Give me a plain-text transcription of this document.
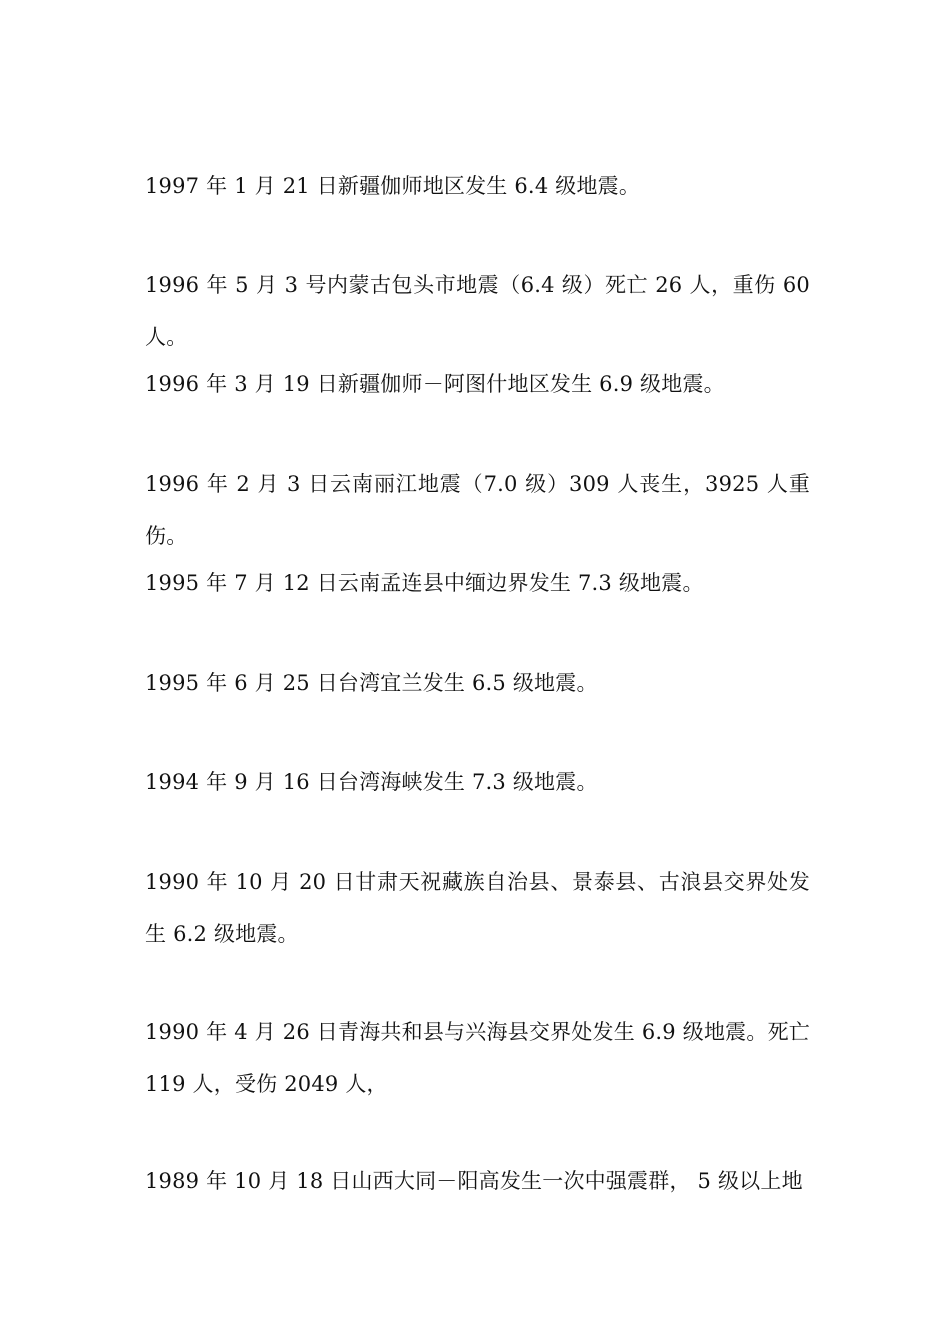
1997 年 1 月 21 日新疆伽师地区发生 6.4 级地震。

1996 年 5 月 3 号内蒙古包头市地震（6.4 级）死亡 26 人，重伤 60 人。

1996 年 3 月 19 日新疆伽师－阿图什地区发生 6.9 级地震。

1996 年 2 月 3 日云南丽江地震（7.0 级）309 人丧生，3925 人重伤。

1995 年 7 月 12 日云南孟连县中缅边界发生 7.3 级地震。

1995 年 6 月 25 日台湾宜兰发生 6.5 级地震。

1994 年 9 月 16 日台湾海峡发生 7.3 级地震。

1990 年 10 月 20 日甘肃天祝藏族自治县、景泰县、古浪县交界处发生 6.2 级地震。

1990 年 4 月 26 日青海共和县与兴海县交界处发生 6.9 级地震。死亡 119 人，受伤 2049 人，

1989 年 10 月 18 日山西大同－阳高发生一次中强震群， 5 级以上地
